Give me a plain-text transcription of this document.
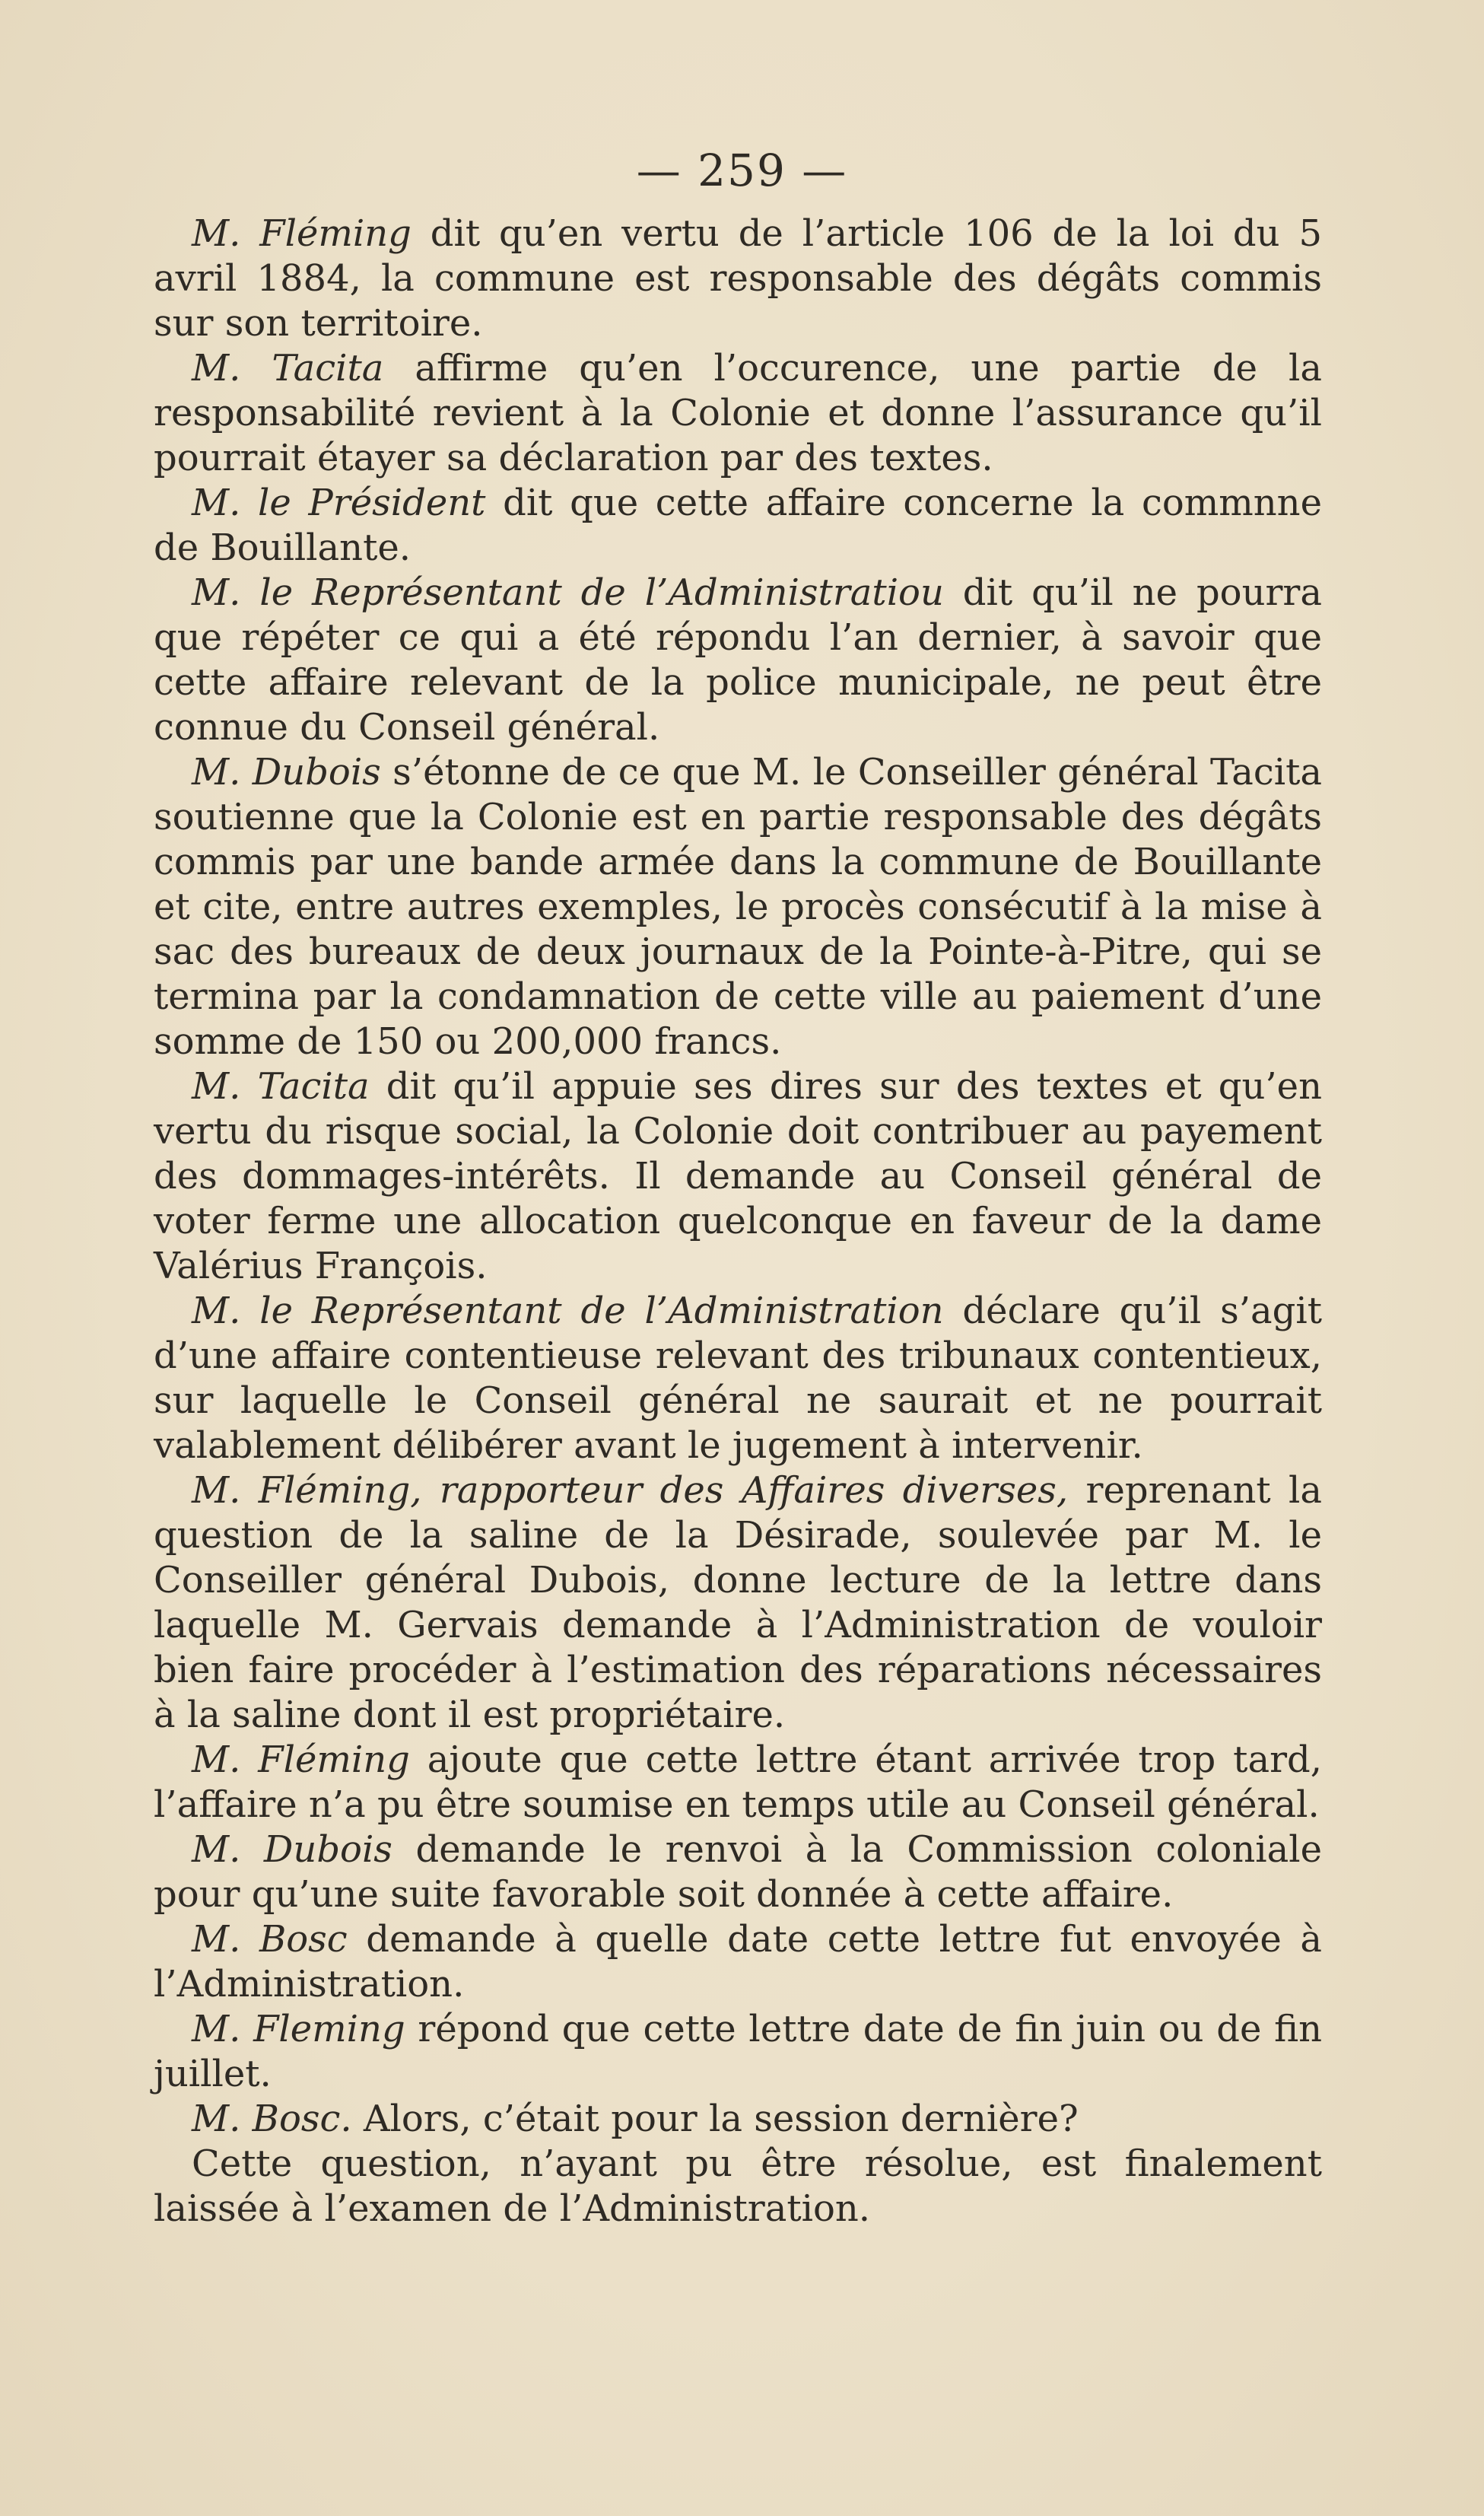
— 259 —

M. Fléming dit qu’en vertu de l’article 106 de la loi du 5 avril 1884, la commune est responsable des dégâts commis sur son territoire.

M. Tacita affirme qu’en l’occurence, une partie de la responsabilité revient à la Colonie et donne l’assurance qu’il pourrait étayer sa déclaration par des textes.

M. le Président dit que cette affaire concerne la commnne de Bouillante.

M. le Représentant de l’Administratiou dit qu’il ne pourra que répéter ce qui a été répondu l’an dernier, à savoir que cette affaire relevant de la police municipale, ne peut être connue du Conseil général.

M. Dubois s’étonne de ce que M. le Conseiller général Tacita soutienne que la Colonie est en partie responsable des dégâts commis par une bande armée dans la commune de Bouillante et cite, entre autres exemples, le procès consécutif à la mise à sac des bureaux de deux journaux de la Pointe-à-Pitre, qui se termina par la condamnation de cette ville au paiement d’une somme de 150 ou 200,000 francs.

M. Tacita dit qu’il appuie ses dires sur des textes et qu’en vertu du risque social, la Colonie doit contribuer au payement des dommages-intérêts. Il demande au Conseil général de voter ferme une allocation quelconque en faveur de la dame Valérius François.

M. le Représentant de l’Administration déclare qu’il s’agit d’une affaire contentieuse relevant des tribunaux contentieux, sur laquelle le Conseil général ne saurait et ne pourrait valablement délibérer avant le jugement à intervenir.

M. Fléming, rapporteur des Affaires diverses, reprenant la question de la saline de la Désirade, soulevée par M. le Conseiller général Dubois, donne lecture de la lettre dans laquelle M. Gervais demande à l’Administration de vouloir bien faire procéder à l’estimation des réparations nécessaires à la saline dont il est propriétaire.

M. Fléming ajoute que cette lettre étant arrivée trop tard, l’affaire n’a pu être soumise en temps utile au Conseil général.

M. Dubois demande le renvoi à la Commission coloniale pour qu’une suite favorable soit donnée à cette affaire.

M. Bosc demande à quelle date cette lettre fut envoyée à l’Administration.

M. Fleming répond que cette lettre date de fin juin ou de fin juillet.

M. Bosc. Alors, c’était pour la session dernière?

Cette question, n’ayant pu être résolue, est finalement laissée à l’examen de l’Administration.
